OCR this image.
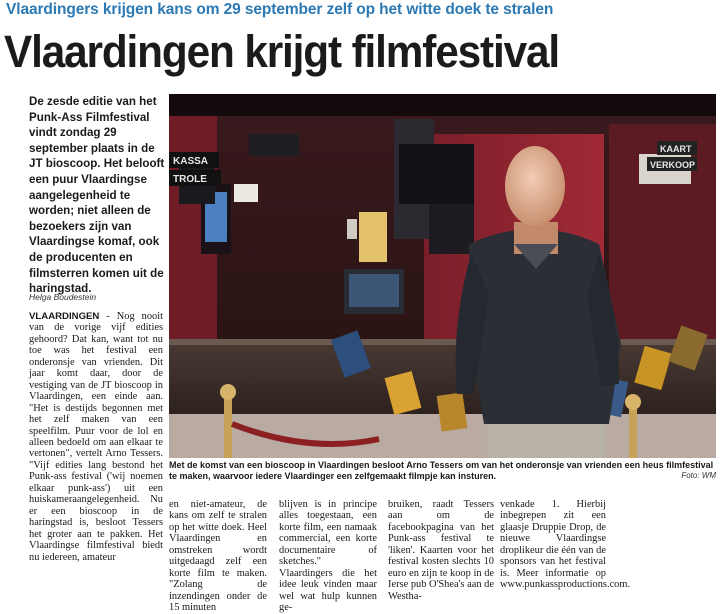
Vlaardingers krijgen kans om 29 september zelf op het witte doek te stralen
Vlaardingen krijgt filmfestival

De zesde editie van het Punk-Ass Filmfestival vindt zondag 29 september plaats in de JT bioscoop. Het belooft een puur Vlaardingse aangelegenheid te worden; niet alleen de bezoekers zijn van Vlaardingse komaf, ook de producenten en filmsterren komen uit de haringstad.

Helga Boudestein

VLAARDINGEN - Nog nooit van de vorige vijf edities gehoord? Dat kan, want tot nu toe was het festival een onderonsje van vrienden. Dit jaar komt daar, door de vestiging van de JT bioscoop in Vlaardingen, een einde aan. "Het is destijds begonnen met het zelf maken van een speelfilm. Puur voor de lol en alleen bedoeld om aan elkaar te vertonen", vertelt Arno Tessers. "Vijf edities lang bestond het Punk-ass festival ('wij noemen elkaar punk-ass') uit een huiskameraangelegenheid. Nu er een bioscoop in de haringstad is, besloot Tessers het groter aan te pakken. Het Vlaardingse filmfestival biedt nu iedereen, amateur

KASSA
TROLE
KAART
VERKOOP
Met de komst van een bioscoop in Vlaardingen besloot Arno Tessers om van het onderonsje van vrienden een heus filmfestival te maken, waarvoor iedere Vlaardinger een zelfgemaakt filmpje kan insturen.	Foto: WM

en niet-amateur, de kans om zelf te stralen op het witte doek. Heel Vlaardingen en omstreken wordt uitgedaagd zelf een korte film te maken. "Zolang de inzendingen onder de 15 minuten

blijven is in principe alles toegestaan, een korte film, een namaak commercial, een korte documentaire of sketches." Vlaardingers die het idee leuk vinden maar wel wat hulp kunnen ge-

bruiken, raadt Tessers aan om de facebookpagina van het Punk-ass festival te 'liken'. Kaarten voor het festival kosten slechts 10 euro en zijn te koop in de Ierse pub O'Shea's aan de Westha-

venkade 1. Hierbij inbegrepen zit een glaasje Druppie Drop, de nieuwe Vlaardingse droplikeur die één van de sponsors van het festival is. Meer informatie op www.punkassproductions.com.
